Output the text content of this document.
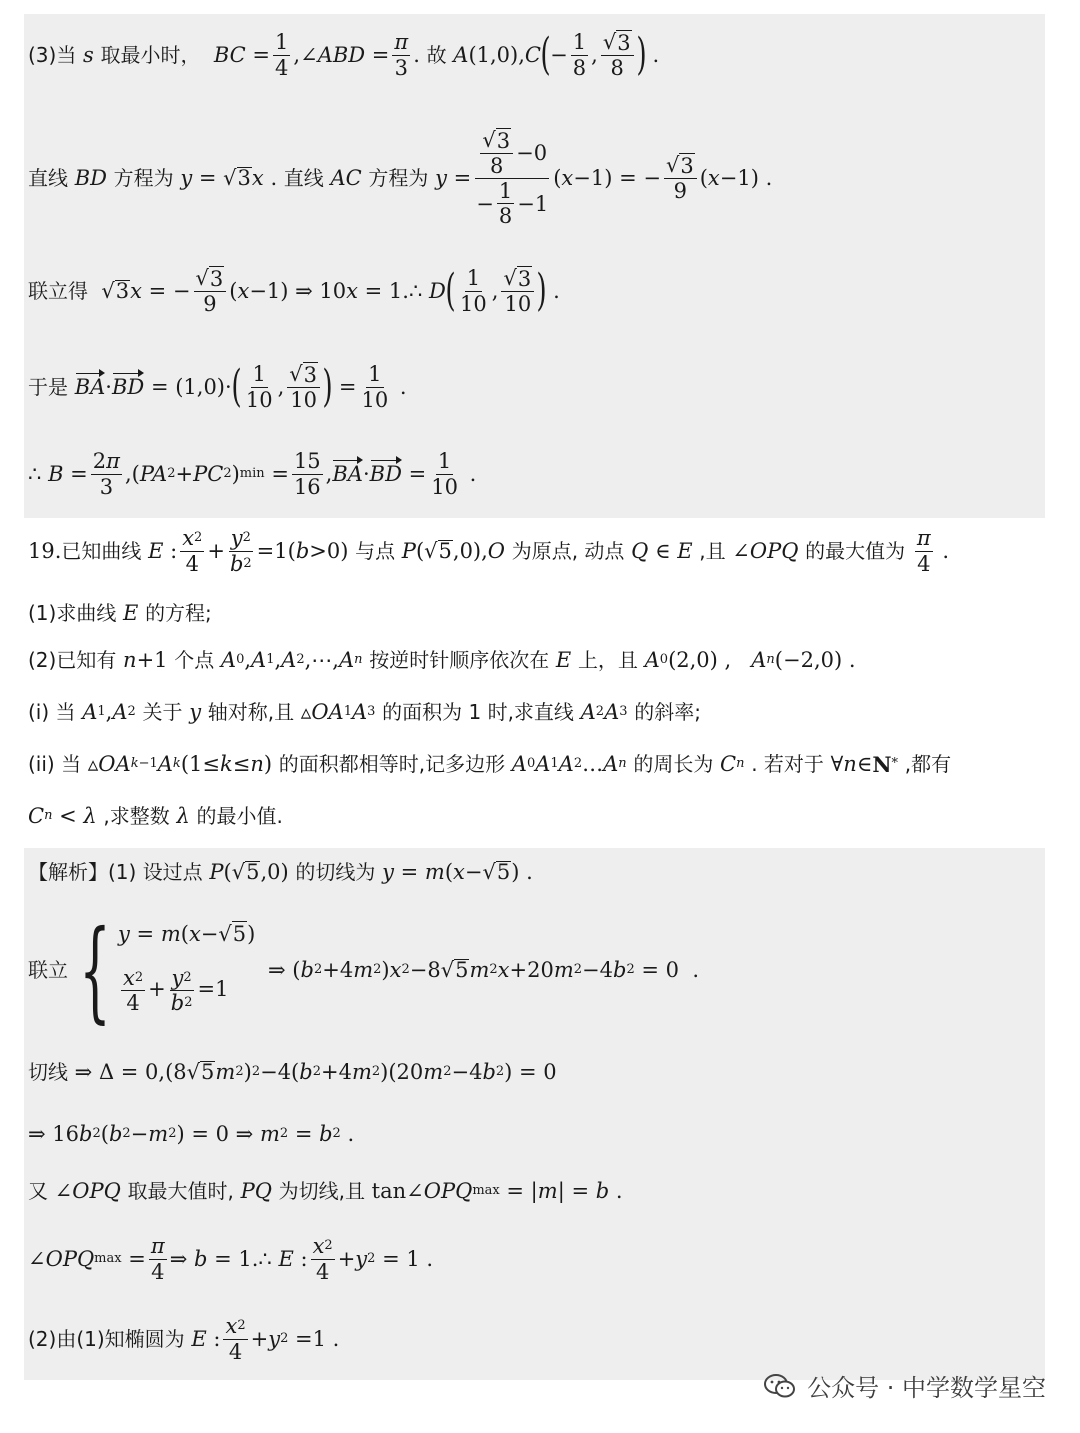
(3)当
s
取最小时，
BC = $\frac{1}{4}$ ,∠ ABD = $\frac{\pi}{3}$ . 故
A (1,0), C ( − $\frac{1}{8}$ , $\frac{√ 3}{8}$ ) .
直线
BD
方程为
y = √ 3 x . 直线
AC
方程为
$y = \frac{\frac{√ 3}{8} -0}{- \frac{1}{8} -1}$ ( x −1) = − $\frac{√ 3}{9}$ ( x −1) .
联立得 √ 3 x = − $\frac{√ 3}{9}$ ( x −1) ⇒ 10 x = 1.∴ D ( $\frac{1}{10}$ , $\frac{√ 3}{10}$ ) .
于是
BA · BD = (1,0)· ( $\frac{1}{10}$ , $\frac{√ 3}{10}$ ) = $\frac{1}{10}$ .
∴
$B = \frac{2 \pi}{3}$ ,( PA 2 + PC 2 ) $\min = \frac{15}{16}$ , BA · BD = $\frac{1}{10}$ .
19. 已知曲线
E : $\frac{x 2}{4} + \frac{y 2}{b 2} =1$( b >0) 与点
P (√ 5 ,0), O
为原点, 动点
Q ∈ E
,且 ∠ OPQ
的最大值为
$\frac{\pi}{4}$ .
(1)求曲线
E
的方程;
(2)已知有
n +1 个点
A 0 , A 1 , A 2 ,⋯, A n
按逆时针顺序依次在
E
上，且
A 0 (2,0) , A n (−2,0) .
(i) 当
A 1 , A 2
关于
y
轴对称,且 ▵ OA 1 A 3
的面积为 1 时,求直线
A 2 A 3
的斜率;
(ii) 当 ▵ OA k−1 A k (1≤ k ≤ n ) 的面积都相等时,记多边形
A 0 A 1 A 2 … A n
的周长为
C n
. 若对于 ∀ n ∈ N *
,都有
C n < λ
,求整数
λ
的最小值.
【解析】 (1) 设过点
P (√ 5 ,0) 的切线为
y = m ( x −√ 5 ) .
联立 { y = m(x−√5)
$\frac{x 2}{4} + \frac{y 2}{b 2} =1$
⇒ ( b 2 +4 m 2 ) x 2 −8√ 5 m 2 x +20 m 2 −4 b 2 = 0  .
切线 ⇒ Δ = 0,(8√ 5 m 2 ) 2 −4( b 2 +4 m 2 )(20 m 2 −4 b 2 ) = 0
⇒ 16 b 2 ( b 2 − m 2 ) = 0 ⇒ m 2 = b 2 .
又 ∠ OPQ
取最大值时,
PQ
为切线,且 tan∠ OPQ max = | m | = b .
∠ OPQ $\max = \frac{\pi}{4}$ ⇒ b = 1.∴ E : $\frac{x 2}{4} + y$ 2 = 1 .
(2)由(1)知椭圆为
E : $\frac{x 2}{4} + y$ 2 =1 .
公众号 · 中学数学星空
